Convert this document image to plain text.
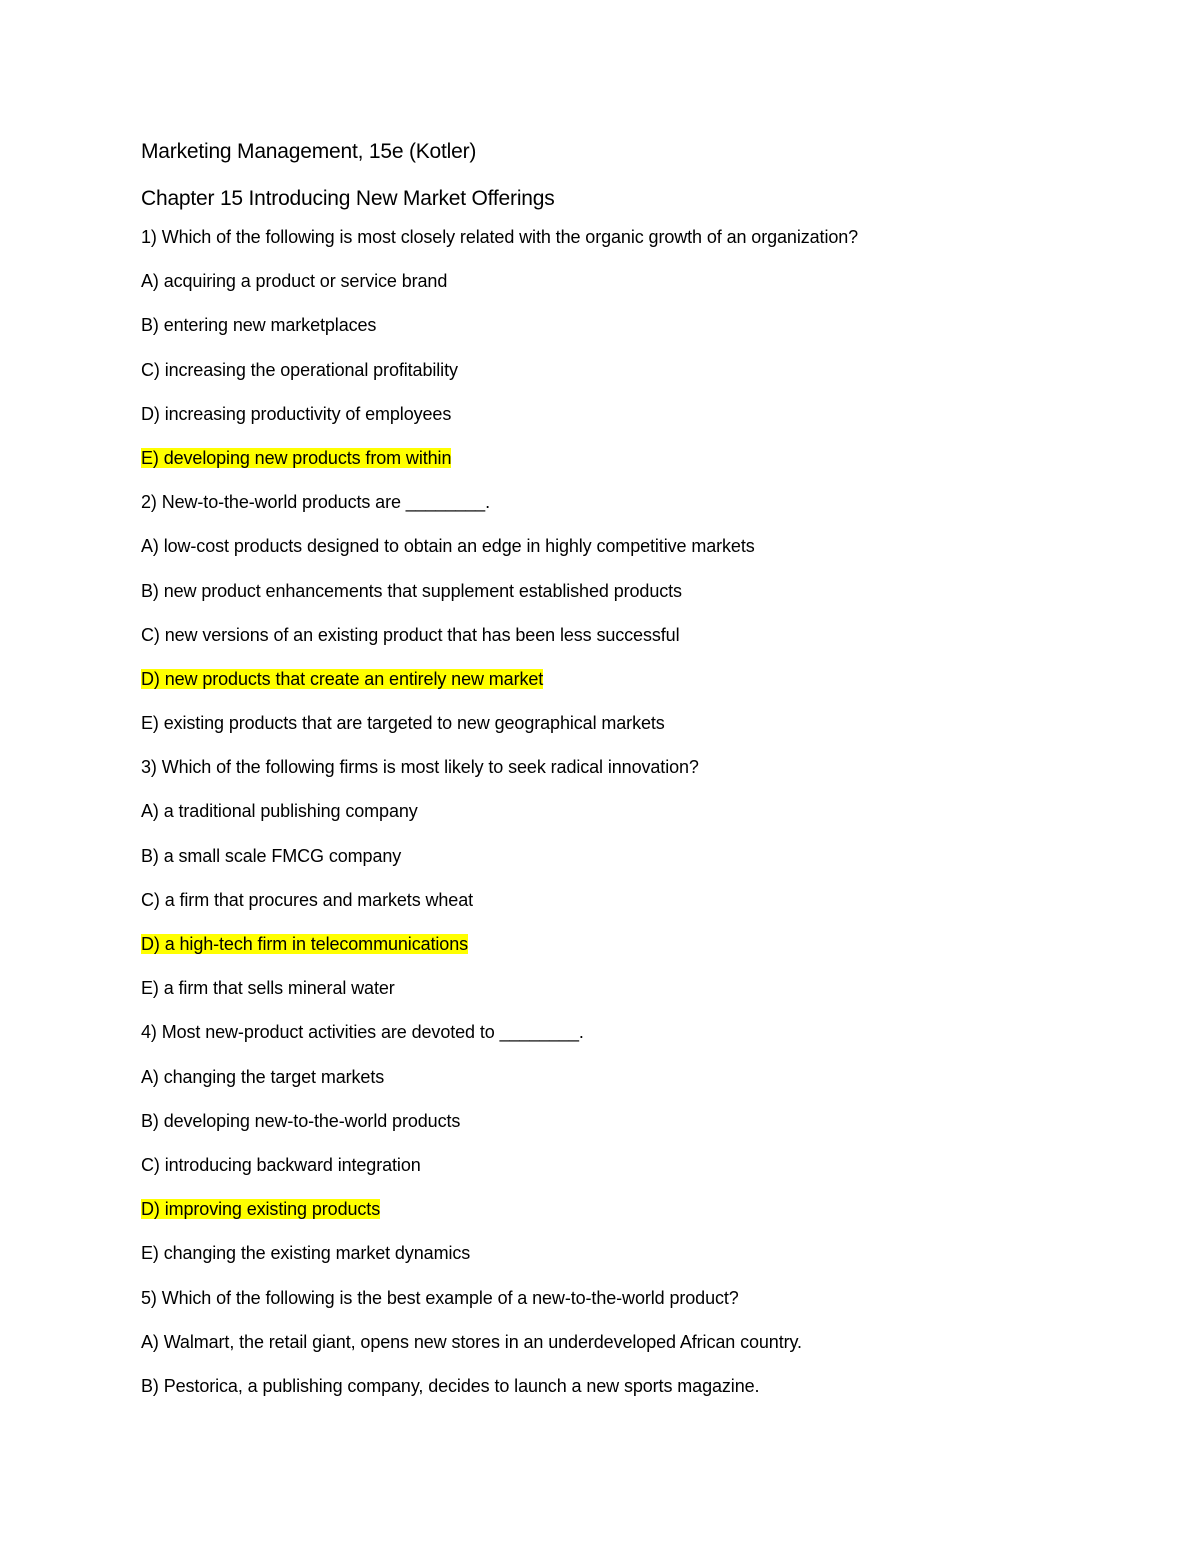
Marketing Management, 15e (Kotler)
Chapter 15 Introducing New Market Offerings
1) Which of the following is most closely related with the organic growth of an organization?
A) acquiring a product or service brand
B) entering new marketplaces
C) increasing the operational profitability
D) increasing productivity of employees
E) developing new products from within
2) New-to-the-world products are ________.
A) low-cost products designed to obtain an edge in highly competitive markets
B) new product enhancements that supplement established products
C) new versions of an existing product that has been less successful
D) new products that create an entirely new market
E) existing products that are targeted to new geographical markets
3) Which of the following firms is most likely to seek radical innovation?
A) a traditional publishing company
B) a small scale FMCG company
C) a firm that procures and markets wheat
D) a high-tech firm in telecommunications
E) a firm that sells mineral water
4) Most new-product activities are devoted to ________.
A) changing the target markets
B) developing new-to-the-world products
C) introducing backward integration
D) improving existing products
E) changing the existing market dynamics
5) Which of the following is the best example of a new-to-the-world product?
A) Walmart, the retail giant, opens new stores in an underdeveloped African country.
B) Pestorica, a publishing company, decides to launch a new sports magazine.
